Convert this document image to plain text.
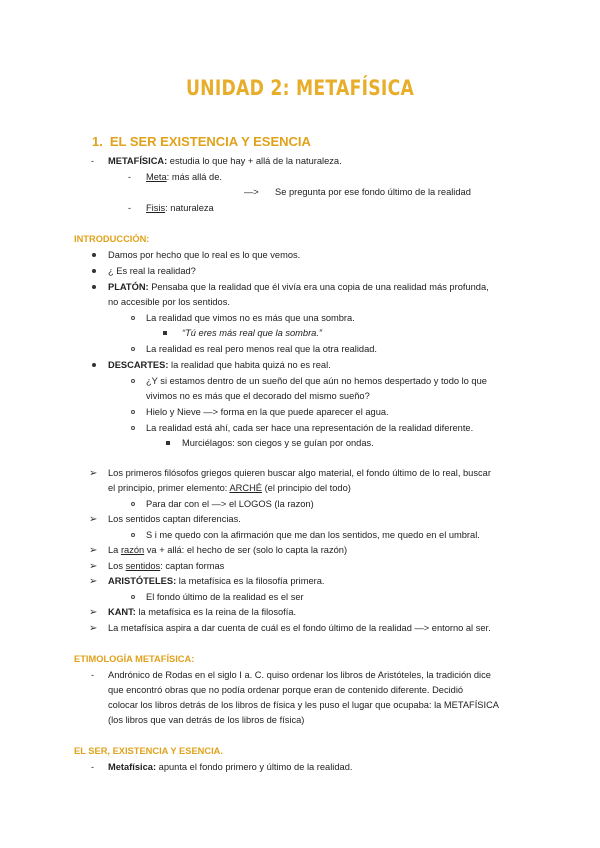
UNIDAD 2: METAFÍSICA
1. EL SER EXISTENCIA Y ESENCIA
- METAFÍSICA: estudia lo que hay + allá de la naturaleza.
- Meta: más allá de.
—> Se pregunta por ese fondo último de la realidad
- Fisis: naturaleza
INTRODUCCIÓN:
Damos por hecho que lo real es lo que vemos.
¿ Es real la realidad?
PLATÓN: Pensaba que la realidad que él vivía era una copia de una realidad más profunda,
no accesible por los sentidos.
La realidad que vimos no es más que una sombra.
“Tú eres más real que la sombra.”
La realidad es real pero menos real que la otra realidad.
DESCARTES: la realidad que habita quizá no es real.
¿Y si estamos dentro de un sueño del que aún no hemos despertado y todo lo que
vivimos no es más que el decorado del mismo sueño?
Hielo y Nieve —> forma en la que puede aparecer el agua.
La realidad está ahí, cada ser hace una representación de la realidad diferente.
Murciélagos: son ciegos y se guían por ondas.
➢ Los primeros filósofos griegos quieren buscar algo material, el fondo último de lo real, buscar
el principio, primer elemento: ARCHÉ (el principio del todo)
Para dar con el —> el LOGOS (la razon)
➢ Los sentidos captan diferencias.
S i me quedo con la afirmación que me dan los sentidos, me quedo en el umbral.
➢ La razón va + allá: el hecho de ser (solo lo capta la razón)
➢ Los sentidos: captan formas
➢ ARISTÓTELES: la metafísica es la filosofía primera.
El fondo último de la realidad es el ser
➢ KANT: la metafísica es la reina de la filosofía.
➢ La metafísica aspira a dar cuenta de cuál es el fondo último de la realidad —> entorno al ser.
ETIMOLOGÍA METAFÍSICA:
- Andrónico de Rodas en el siglo I a. C. quiso ordenar los libros de Aristóteles, la tradición dice
que encontró obras que no podía ordenar porque eran de contenido diferente. Decidió
colocar los libros detrás de los libros de física y les puso el lugar que ocupaba: la METAFÍSICA
(los libros que van detrás de los libros de física)
EL SER, EXISTENCIA Y ESENCIA.
- Metafísica: apunta el fondo primero y último de la realidad.
